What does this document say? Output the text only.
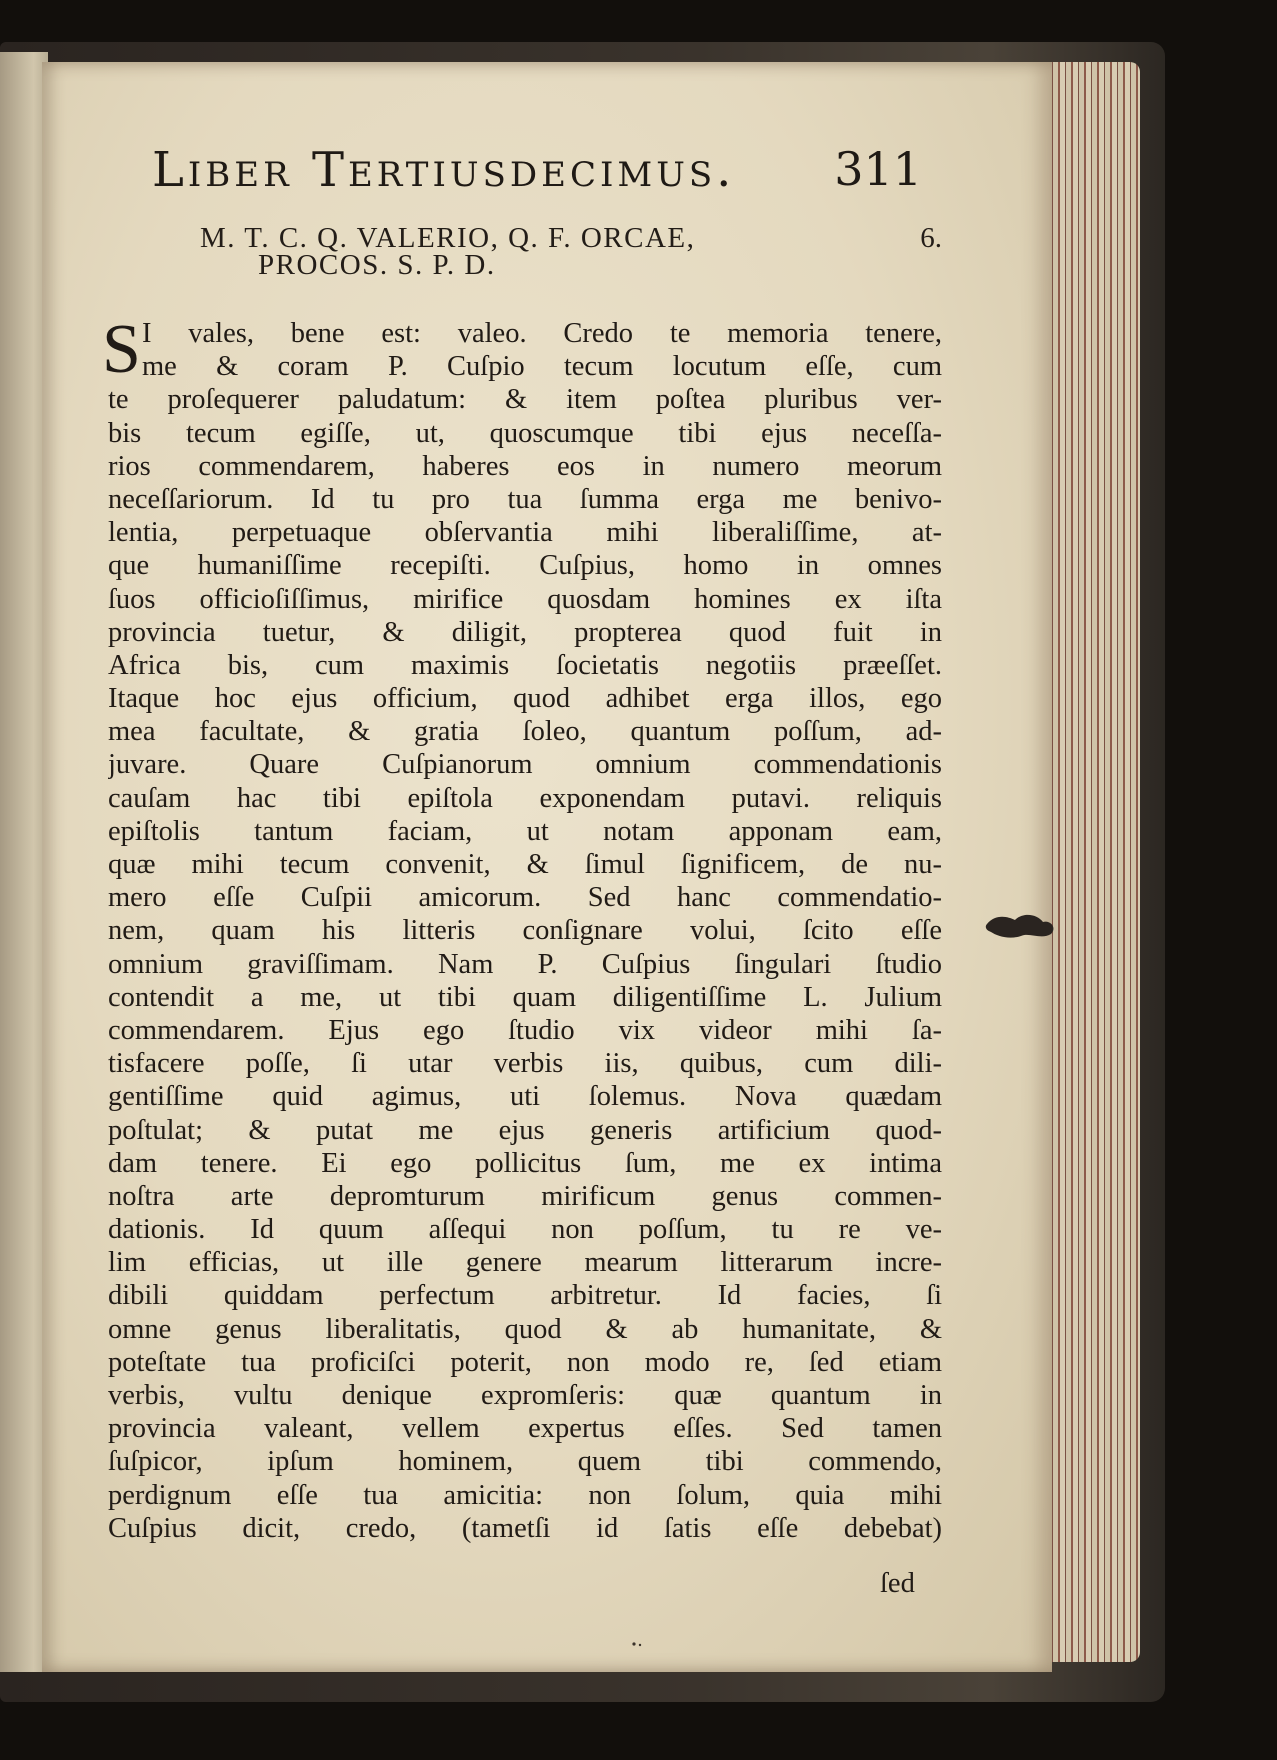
Liber Tertiusdecimus. 311
M. T. C. Q. VALERIO, Q. F. ORCAE,
PROCOS. S. P. D.
6.
S I vales, bene est: valeo. Credo te memoria tenere,
me & coram P. Cuſpio tecum locutum eſſe, cum
te proſequerer paludatum: & item poſtea pluribus ver-
bis tecum egiſſe, ut, quoscumque tibi ejus neceſſa-
rios commendarem, haberes eos in numero meorum
neceſſariorum. Id tu pro tua ſumma erga me benivo-
lentia, perpetuaque obſervantia mihi liberaliſſime, at-
que humaniſſime recepiſti. Cuſpius, homo in omnes
ſuos officioſiſſimus, mirifice quosdam homines ex iſta
provincia tuetur, & diligit, propterea quod fuit in
Africa bis, cum maximis ſocietatis negotiis præeſſet.
Itaque hoc ejus officium, quod adhibet erga illos, ego
mea facultate, & gratia ſoleo, quantum poſſum, ad-
juvare. Quare Cuſpianorum omnium commendationis
cauſam hac tibi epiſtola exponendam putavi. reliquis
epiſtolis tantum faciam, ut notam apponam eam,
quæ mihi tecum convenit, & ſimul ſignificem, de nu-
mero eſſe Cuſpii amicorum. Sed hanc commendatio-
nem, quam his litteris conſignare volui, ſcito eſſe
omnium graviſſimam. Nam P. Cuſpius ſingulari ſtudio
contendit a me, ut tibi quam diligentiſſime L. Julium
commendarem. Ejus ego ſtudio vix videor mihi ſa-
tisfacere poſſe, ſi utar verbis iis, quibus, cum dili-
gentiſſime quid agimus, uti ſolemus. Nova quædam
poſtulat; & putat me ejus generis artificium quod-
dam tenere. Ei ego pollicitus ſum, me ex intima
noſtra arte depromturum mirificum genus commen-
dationis. Id quum aſſequi non poſſum, tu re ve-
lim efficias, ut ille genere mearum litterarum incre-
dibili quiddam perfectum arbitretur. Id facies, ſi
omne genus liberalitatis, quod & ab humanitate, &
poteſtate tua proficiſci poterit, non modo re, ſed etiam
verbis, vultu denique expromſeris: quæ quantum in
provincia valeant, vellem expertus eſſes. Sed tamen
ſuſpicor, ipſum hominem, quem tibi commendo,
perdignum eſſe tua amicitia: non ſolum, quia mihi
Cuſpius dicit, credo, (tametſi id ſatis eſſe debebat)
ſed
